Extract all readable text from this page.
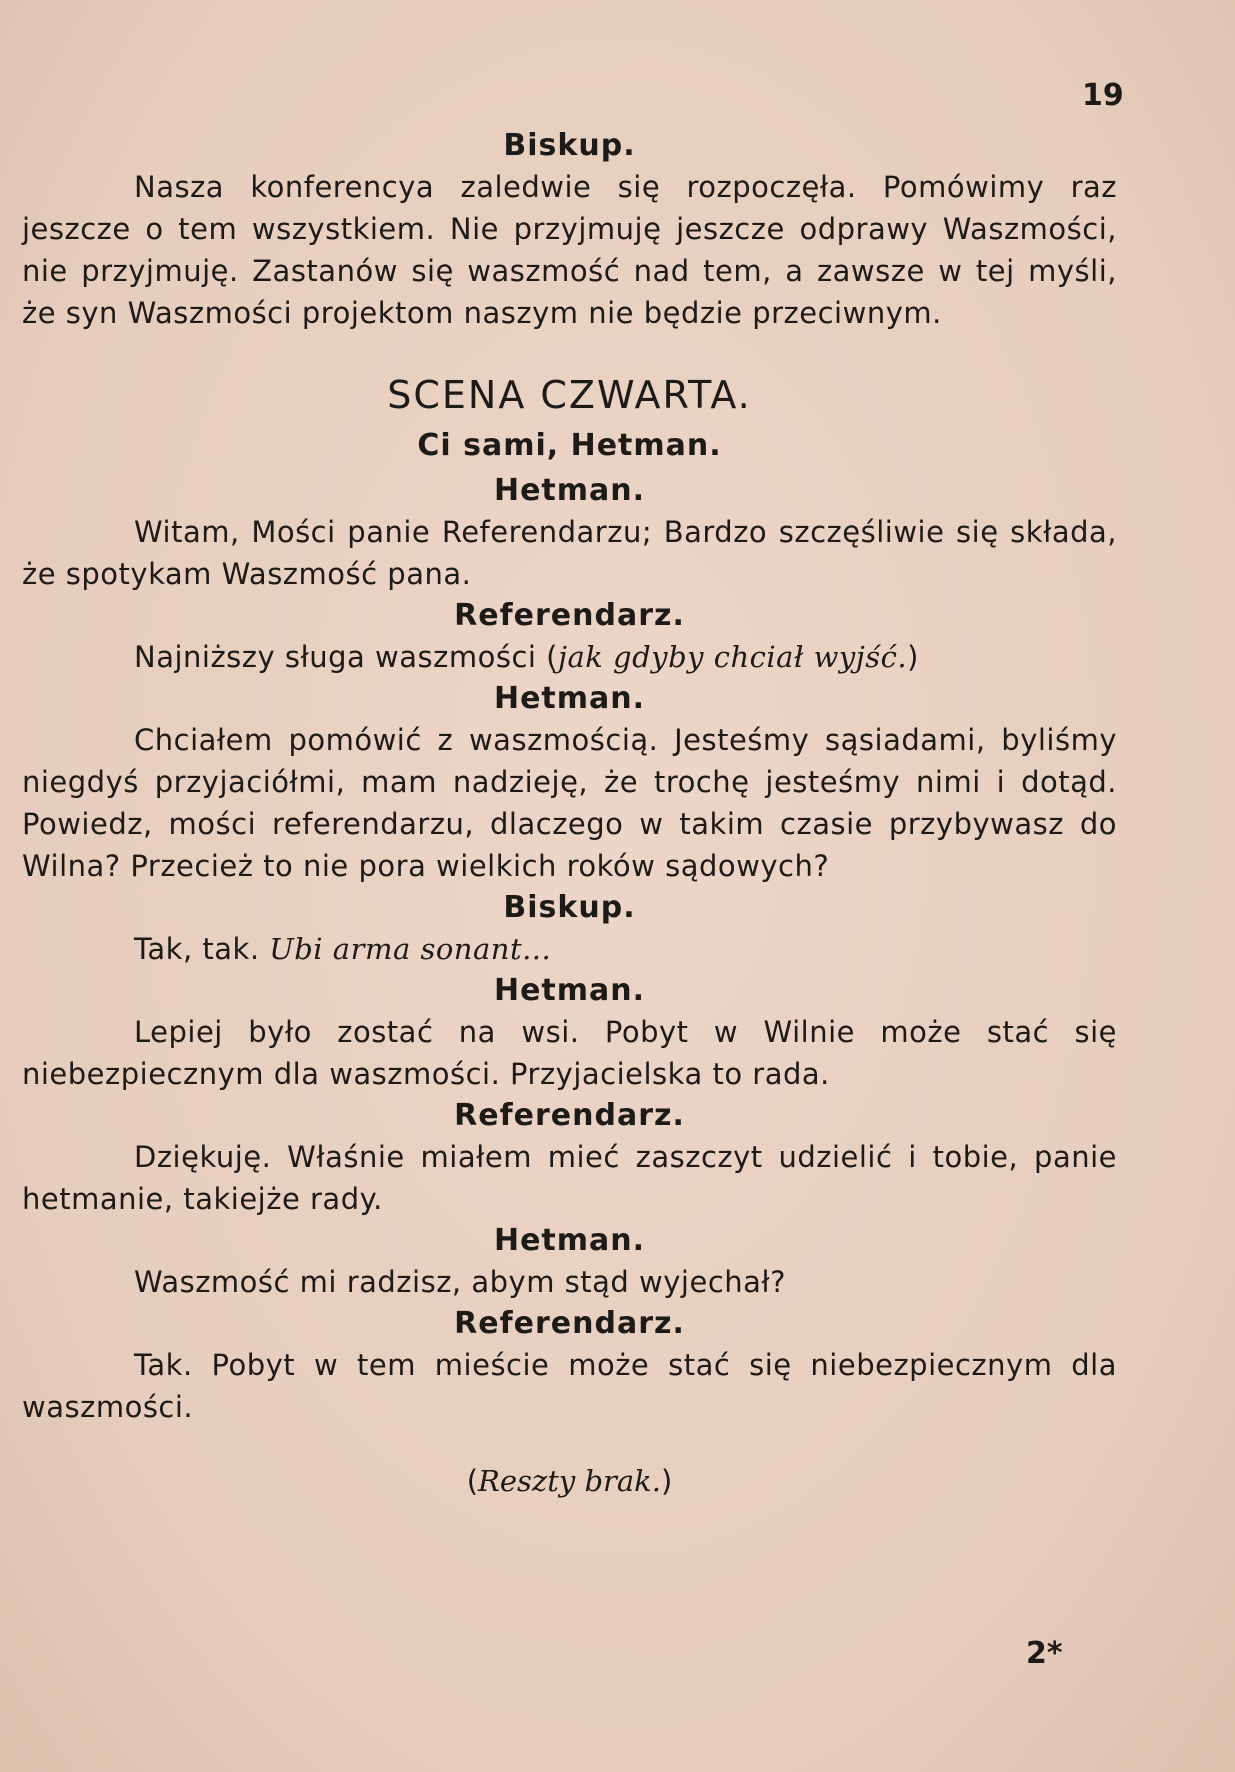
19

Biskup.

Nasza konferencya zaledwie się rozpoczęła. Pomówimy raz jeszcze o tem wszystkiem. Nie przyjmuję jeszcze odprawy Waszmości, nie przyjmuję. Zastanów się waszmość nad tem, a zawsze w tej myśli, że syn Waszmości projektom naszym nie będzie przeciwnym.

SCENA CZWARTA.

Ci sami, Hetman.

Hetman.

Witam, Mości panie Referendarzu; Bardzo szczęśliwie się składa, że spotykam Waszmość pana.

Referendarz.

Najniższy sługa waszmości (jak gdyby chciał wyjść.)

Hetman.

Chciałem pomówić z waszmością. Jesteśmy sąsiadami, byliśmy niegdyś przyjaciółmi, mam nadzieję, że trochę jesteśmy nimi i dotąd. Powiedz, mości referendarzu, dlaczego w takim czasie przybywasz do Wilna? Przecież to nie pora wielkich roków sądowych?

Biskup.

Tak, tak. Ubi arma sonant...

Hetman.

Lepiej było zostać na wsi. Pobyt w Wilnie może stać się niebezpiecznym dla waszmości. Przyjacielska to rada.

Referendarz.

Dziękuję. Właśnie miałem mieć zaszczyt udzielić i tobie, panie hetmanie, takiejże rady.

Hetman.

Waszmość mi radzisz, abym stąd wyjechał?

Referendarz.

Tak. Pobyt w tem mieście może stać się niebezpiecznym dla waszmości.

(Reszty brak.)

2*
